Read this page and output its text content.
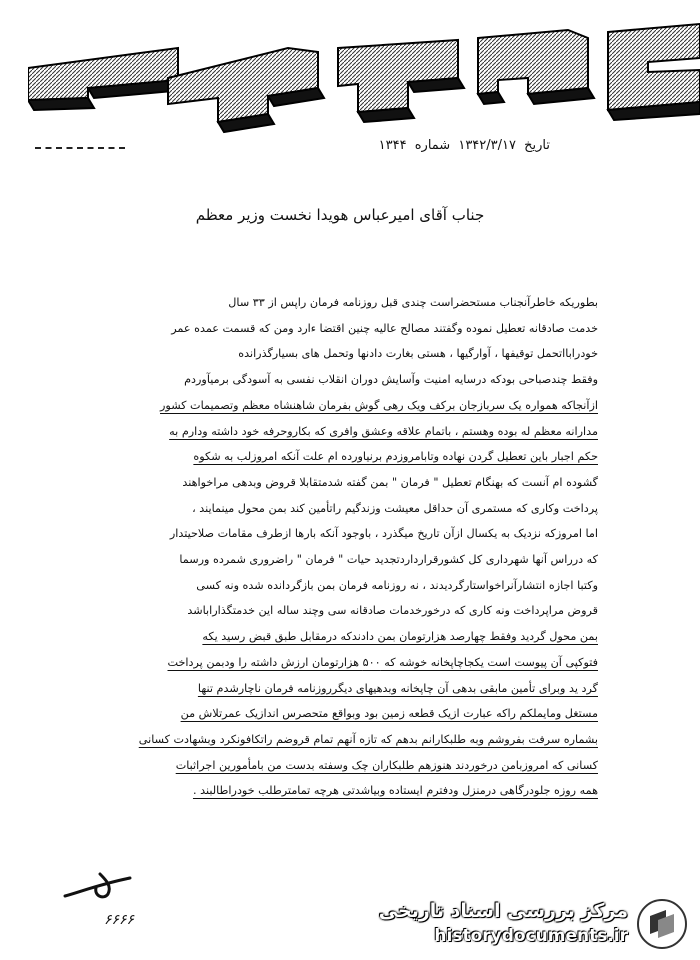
تاریخ ۱۳۴۲/۳/۱۷ شماره ۱۳۴۴
جناب آقای امیرعباس هویدا نخست وزیر معظم
بطوریکه خاطرآنجناب مستحضراست چندی قبل روزنامه فرمان راپس از ۳۳ سال
خدمت صادقانه تعطیل نموده وگفتند مصالح عالیه چنین اقتضا ءارد ومن که قسمت عمده عمر
خودرابااتحمل توقیفها ، آوارگیها ، هستی بغارت دادنها وتحمل های بسیارگذرانده
وفقط چندصباحی بودکه درسایه امنیت وآسایش دوران انقلاب نفسی به آسودگی برمیآوردم
ازآنجاکه همواره یک سربازجان برکف ویک رهی گوش بفرمان شاهنشاه معظم وتصمیمات کشور
مدارانه معظم له بوده وهستم ، باتمام علاقه وعشق وافری که بکاروحرفه خود داشته ودارم به
حکم اجبار باین تعطیل گردن نهاده وتابامروزدم برنیاورده ام علت آنکه امروزلب به شکوه
گشوده ام آنست که بهنگام تعطیل " فرمان " بمن گفته شدمتقابلا قروض وبدهی مراخواهند
پرداخت وکاری که مستمری آن حداقل معیشت وزندگیم راتأمین کند بمن محول مینمایند ،
اما امروزکه نزدیک به یکسال ازآن تاریخ میگذرد ، باوجود آنکه بارها ازطرف مقامات صلاحیتدار
که درراس آنها شهرداری کل کشورقرارداردتجدید حیات " فرمان " راضروری شمرده ورسما
وکتبا اجازه انتشارآنراخواستارگردیدند ، نه روزنامه فرمان بمن بازگردانده شده ونه کسی
قروض مراپرداخت ونه کاری که درخورخدمات صادقانه سی وچند ساله این خدمتگذاراباشد
بمن محول گردید وفقط چهارصد هزارتومان بمن دادندکه درمقابل طبق قبض رسید یکه
فتوکپی آن پیوست است یکجاچاپخانه خوشه که ۵۰۰ هزارتومان ارزش داشته را ودبمن پرداخت
گرد ید وبرای تأمین مابقی بدهی آن چاپخانه وبدهیهای دیگرروزنامه فرمان ناچارشدم تنها
مستغل ومایملکم راکه عبارت ازیک قطعه زمین بود وبواقع متحصرس اندازیک عمرتلاش من
بشماره سرفت بفروشم وبه طلبکارانم بدهم که تازه آنهم تمام قروضم راتکافونکرد وبشهادت کسانی
کسانی که امروزبامن درخوردند هنوزهم طلبکاران چک وسفته بدست من بامأمورین اجراثبات
همه روزه جلودرگاهی درمنزل ودفترم ایستاده وبیاشدتی هرچه تمامترطلب خودراطالبند .
۶۶۶۶	مرکز بررسی اسناد تاریخی
historydocuments.ir
